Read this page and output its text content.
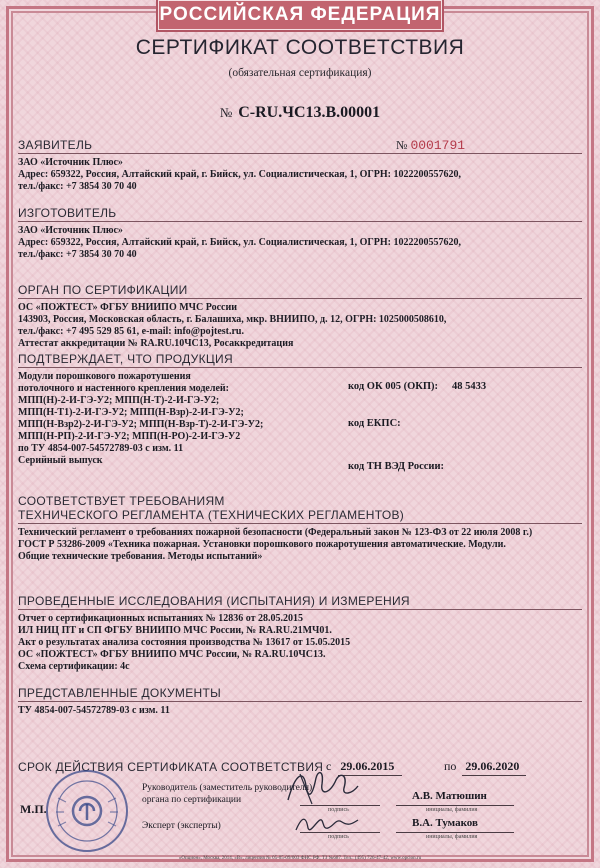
РОССИЙСКАЯ ФЕДЕРАЦИЯ
СЕРТИФИКАТ СООТВЕТСТВИЯ
(обязательная сертификация)
№ C-RU.ЧС13.В.00001
ЗАЯВИТЕЛЬ	№ 0001791
ЗАО «Источник Плюс»
Адрес: 659322, Россия, Алтайский край, г. Бийск, ул. Социалистическая, 1, ОГРН: 1022200557620,
тел./факс: +7 3854 30 70 40
ИЗГОТОВИТЕЛЬ
ЗАО «Источник Плюс»
Адрес: 659322, Россия, Алтайский край, г. Бийск, ул. Социалистическая, 1, ОГРН: 1022200557620,
тел./факс: +7 3854 30 70 40
ОРГАН ПО СЕРТИФИКАЦИИ
ОС «ПОЖТЕСТ» ФГБУ ВНИИПО МЧС России
143903, Россия, Московская область, г. Балашиха, мкр. ВНИИПО, д. 12, ОГРН: 1025000508610,
тел./факс: +7 495 529 85 61, e-mail: info@pojtest.ru.
Аттестат аккредитации № RA.RU.10ЧС13, Росаккредитация
ПОДТВЕРЖДАЕТ, ЧТО ПРОДУКЦИЯ
Модули порошкового пожаротушения
потолочного и настенного крепления моделей:
МПП(Н)-2-И-ГЭ-У2; МПП(Н-Т)-2-И-ГЭ-У2;
МПП(Н-Т1)-2-И-ГЭ-У2; МПП(Н-Взр)-2-И-ГЭ-У2;
МПП(Н-Взр2)-2-И-ГЭ-У2; МПП(Н-Взр-Т)-2-И-ГЭ-У2;
МПП(Н-РП)-2-И-ГЭ-У2; МПП(Н-РО)-2-И-ГЭ-У2
по ТУ 4854-007-54572789-03 с изм. 11
Серийный выпуск
код ОК 005 (ОКП): 48 5433
код ЕКПС:
код ТН ВЭД России:
СООТВЕТСТВУЕТ ТРЕБОВАНИЯМ
ТЕХНИЧЕСКОГО РЕГЛАМЕНТА (ТЕХНИЧЕСКИХ РЕГЛАМЕНТОВ)
Технический регламент о требованиях пожарной безопасности (Федеральный закон № 123-ФЗ от 22 июля 2008 г.)
ГОСТ Р 53286-2009 «Техника пожарная. Установки порошкового пожаротушения автоматические. Модули.
Общие технические требования. Методы испытаний»
ПРОВЕДЕННЫЕ ИССЛЕДОВАНИЯ (ИСПЫТАНИЯ) И ИЗМЕРЕНИЯ
Отчет о сертификационных испытаниях № 12836 от 28.05.2015
ИЛ НИЦ ПТ и СП ФГБУ ВНИИПО МЧС России, № RA.RU.21МЧ01.
Акт о результатах анализа состояния производства № 13617 от 15.05.2015
ОС «ПОЖТЕСТ» ФГБУ ВНИИПО МЧС России, № RA.RU.10ЧС13.
Схема сертификации: 4с
ПРЕДСТАВЛЕННЫЕ ДОКУМЕНТЫ
ТУ 4854-007-54572789-03 с изм. 11
СРОК ДЕЙСТВИЯ СЕРТИФИКАТА СООТВЕТСТВИЯ с 29.06.2015	по 29.06.2020
Руководитель (заместитель руководителя)
органа по сертификации
подпись
А.В. Матюшин
инициалы, фамилия
Эксперт (эксперты)
подпись
В.А. Тумаков
инициалы, фамилия
М.П.
«Опцион», Москва, 2014, «В», лицензия № 05-05-09/003 ФНС РФ, ТЗ №687. Тел.: (495) 726-47-42, www.opcion.ru
